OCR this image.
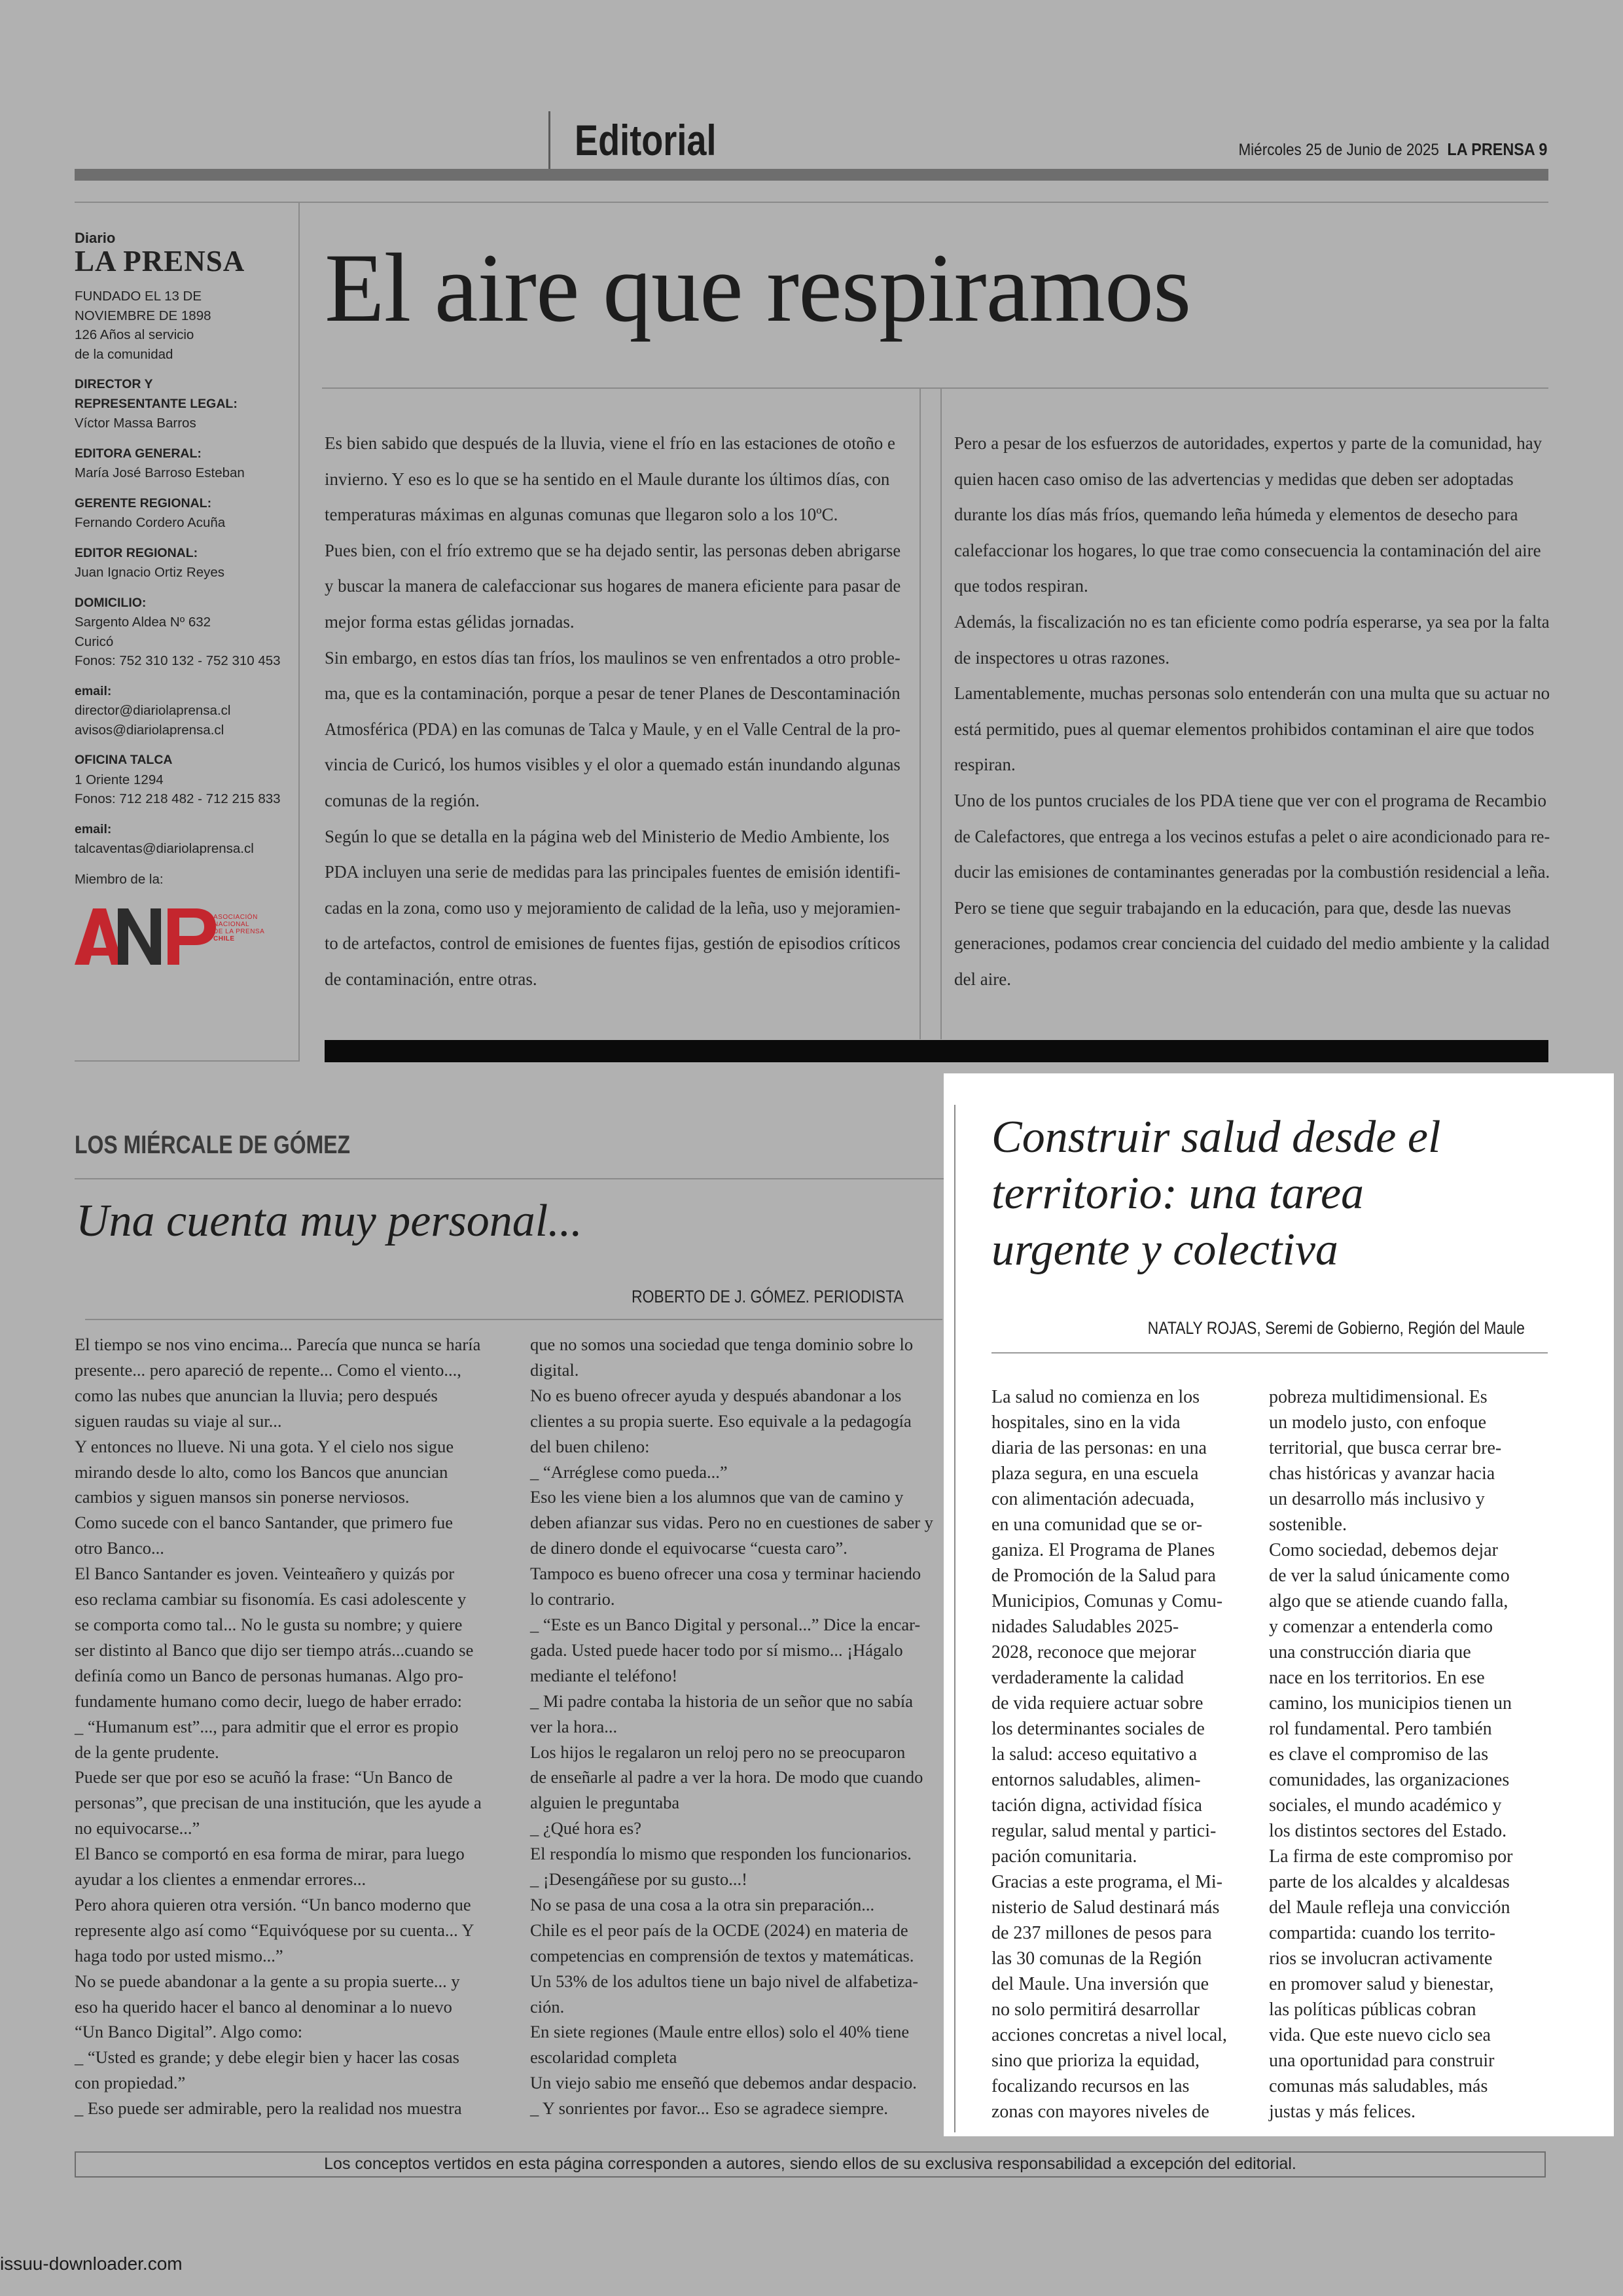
Editorial	Miércoles 25 de Junio de 2025 LA PRENSA 9
Diario
LA PRENSA
FUNDADO EL 13 DE
NOVIEMBRE DE 1898
126 Años al servicio
de la comunidad
DIRECTOR Y
REPRESENTANTE LEGAL:
Víctor Massa Barros
EDITORA GENERAL:
María José Barroso Esteban
GERENTE REGIONAL:
Fernando Cordero Acuña
EDITOR REGIONAL:
Juan Ignacio Ortiz Reyes
DOMICILIO:
Sargento Aldea Nº 632
Curicó
Fonos: 752 310 132 - 752 310 453
email:
director@diariolaprensa.cl
avisos@diariolaprensa.cl
OFICINA TALCA
1 Oriente 1294
Fonos: 712 218 482 - 712 215 833
email:
talcaventas@diariolaprensa.cl
Miembro de la:
ASOCIACIÓN
NACIONAL
DE LA PRENSA
CHILE
El aire que respiramos
Es bien sabido que después de la lluvia, viene el frío en las estaciones de otoño e
invierno. Y eso es lo que se ha sentido en el Maule durante los últimos días, con
temperaturas máximas en algunas comunas que llegaron solo a los 10ºC.
Pues bien, con el frío extremo que se ha dejado sentir, las personas deben abrigarse
y buscar la manera de calefaccionar sus hogares de manera eficiente para pasar de
mejor forma estas gélidas jornadas.
Sin embargo, en estos días tan fríos, los maulinos se ven enfrentados a otro proble-
ma, que es la contaminación, porque a pesar de tener Planes de Descontaminación
Atmosférica (PDA) en las comunas de Talca y Maule, y en el Valle Central de la pro-
vincia de Curicó, los humos visibles y el olor a quemado están inundando algunas
comunas de la región.
Según lo que se detalla en la página web del Ministerio de Medio Ambiente, los
PDA incluyen una serie de medidas para las principales fuentes de emisión identifi-
cadas en la zona, como uso y mejoramiento de calidad de la leña, uso y mejoramien-
to de artefactos, control de emisiones de fuentes fijas, gestión de episodios críticos
de contaminación, entre otras.
Pero a pesar de los esfuerzos de autoridades, expertos y parte de la comunidad, hay
quien hacen caso omiso de las advertencias y medidas que deben ser adoptadas
durante los días más fríos, quemando leña húmeda y elementos de desecho para
calefaccionar los hogares, lo que trae como consecuencia la contaminación del aire
que todos respiran.
Además, la fiscalización no es tan eficiente como podría esperarse, ya sea por la falta
de inspectores u otras razones.
Lamentablemente, muchas personas solo entenderán con una multa que su actuar no
está permitido, pues al quemar elementos prohibidos contaminan el aire que todos
respiran.
Uno de los puntos cruciales de los PDA tiene que ver con el programa de Recambio
de Calefactores, que entrega a los vecinos estufas a pelet o aire acondicionado para re-
ducir las emisiones de contaminantes generadas por la combustión residencial a leña.
Pero se tiene que seguir trabajando en la educación, para que, desde las nuevas
generaciones, podamos crear conciencia del cuidado del medio ambiente y la calidad
del aire.
LOS MIÉRCALE DE GÓMEZ
Una cuenta muy personal...
ROBERTO DE J. GÓMEZ. PERIODISTA
El tiempo se nos vino encima... Parecía que nunca se haría
presente... pero apareció de repente... Como el viento...,
como las nubes que anuncian la lluvia; pero después
siguen raudas su viaje al sur...
Y entonces no llueve. Ni una gota. Y el cielo nos sigue
mirando desde lo alto, como los Bancos que anuncian
cambios y siguen mansos sin ponerse nerviosos.
Como sucede con el banco Santander, que primero fue
otro Banco...
El Banco Santander es joven. Veinteañero y quizás por
eso reclama cambiar su fisonomía. Es casi adolescente y
se comporta como tal... No le gusta su nombre; y quiere
ser distinto al Banco que dijo ser tiempo atrás...cuando se
definía como un Banco de personas humanas. Algo pro-
fundamente humano como decir, luego de haber errado:
_ “Humanum est”..., para admitir que el error es propio
de la gente prudente.
Puede ser que por eso se acuñó la frase: “Un Banco de
personas”, que precisan de una institución, que les ayude a
no equivocarse...”
El Banco se comportó en esa forma de mirar, para luego
ayudar a los clientes a enmendar errores...
Pero ahora quieren otra versión. “Un banco moderno que
represente algo así como “Equivóquese por su cuenta... Y
haga todo por usted mismo...”
No se puede abandonar a la gente a su propia suerte... y
eso ha querido hacer el banco al denominar a lo nuevo
“Un Banco Digital”. Algo como:
_ “Usted es grande; y debe elegir bien y hacer las cosas
con propiedad.”
_ Eso puede ser admirable, pero la realidad nos muestra
que no somos una sociedad que tenga dominio sobre lo
digital.
No es bueno ofrecer ayuda y después abandonar a los
clientes a su propia suerte. Eso equivale a la pedagogía
del buen chileno:
_ “Arréglese como pueda...”
Eso les viene bien a los alumnos que van de camino y
deben afianzar sus vidas. Pero no en cuestiones de saber y
de dinero donde el equivocarse “cuesta caro”.
Tampoco es bueno ofrecer una cosa y terminar haciendo
lo contrario.
_ “Este es un Banco Digital y personal...” Dice la encar-
gada. Usted puede hacer todo por sí mismo... ¡Hágalo
mediante el teléfono!
_ Mi padre contaba la historia de un señor que no sabía
ver la hora...
Los hijos le regalaron un reloj pero no se preocuparon
de enseñarle al padre a ver la hora. De modo que cuando
alguien le preguntaba
_ ¿Qué hora es?
El respondía lo mismo que responden los funcionarios.
_ ¡Desengáñese por su gusto...!
No se pasa de una cosa a la otra sin preparación...
Chile es el peor país de la OCDE (2024) en materia de
competencias en comprensión de textos y matemáticas.
Un 53% de los adultos tiene un bajo nivel de alfabetiza-
ción.
En siete regiones (Maule entre ellos) solo el 40% tiene
escolaridad completa
Un viejo sabio me enseñó que debemos andar despacio.
_ Y sonrientes por favor... Eso se agradece siempre.
Construir salud desde el
territorio: una tarea
urgente y colectiva
NATALY ROJAS, Seremi de Gobierno, Región del Maule
La salud no comienza en los
hospitales, sino en la vida
diaria de las personas: en una
plaza segura, en una escuela
con alimentación adecuada,
en una comunidad que se or-
ganiza. El Programa de Planes
de Promoción de la Salud para
Municipios, Comunas y Comu-
nidades Saludables 2025-
2028, reconoce que mejorar
verdaderamente la calidad
de vida requiere actuar sobre
los determinantes sociales de
la salud: acceso equitativo a
entornos saludables, alimen-
tación digna, actividad física
regular, salud mental y partici-
pación comunitaria.
Gracias a este programa, el Mi-
nisterio de Salud destinará más
de 237 millones de pesos para
las 30 comunas de la Región
del Maule. Una inversión que
no solo permitirá desarrollar
acciones concretas a nivel local,
sino que prioriza la equidad,
focalizando recursos en las
zonas con mayores niveles de
pobreza multidimensional. Es
un modelo justo, con enfoque
territorial, que busca cerrar bre-
chas históricas y avanzar hacia
un desarrollo más inclusivo y
sostenible.
Como sociedad, debemos dejar
de ver la salud únicamente como
algo que se atiende cuando falla,
y comenzar a entenderla como
una construcción diaria que
nace en los territorios. En ese
camino, los municipios tienen un
rol fundamental. Pero también
es clave el compromiso de las
comunidades, las organizaciones
sociales, el mundo académico y
los distintos sectores del Estado.
La firma de este compromiso por
parte de los alcaldes y alcaldesas
del Maule refleja una convicción
compartida: cuando los territo-
rios se involucran activamente
en promover salud y bienestar,
las políticas públicas cobran
vida. Que este nuevo ciclo sea
una oportunidad para construir
comunas más saludables, más
justas y más felices.
Los conceptos vertidos en esta página corresponden a autores, siendo ellos de su exclusiva responsabilidad a excepción del editorial.
issuu-downloader.com
